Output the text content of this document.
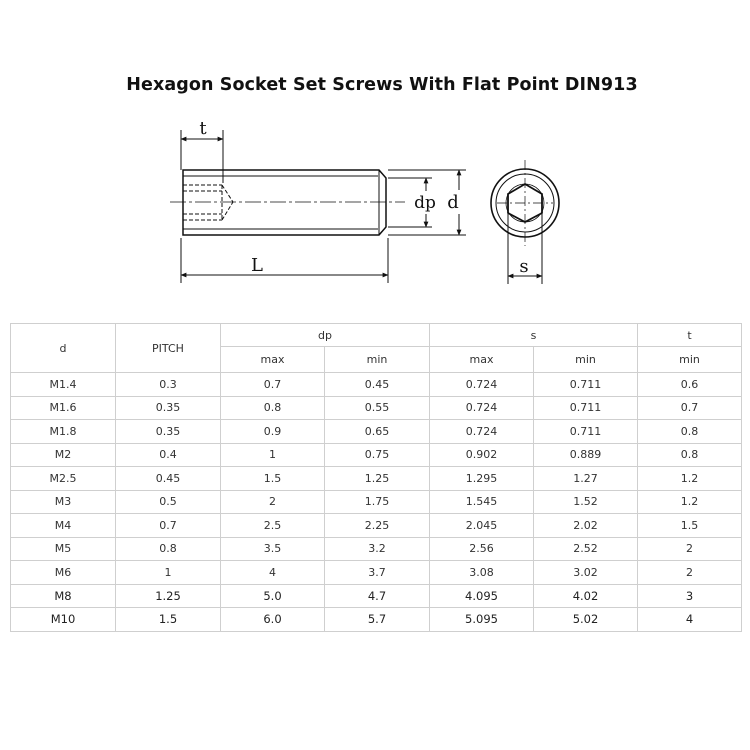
Hexagon Socket Set Screws With Flat Point DIN913
t
L
dp d
s
d	PITCH	dp		s		t
		max	min	max	min	min
M1.4	0.3	0.7	0.45	0.724	0.711	0.6
M1.6	0.35	0.8	0.55	0.724	0.711	0.7
M1.8	0.35	0.9	0.65	0.724	0.711	0.8
M2	0.4	1	0.75	0.902	0.889	0.8
M2.5	0.45	1.5	1.25	1.295	1.27	1.2
M3	0.5	2	1.75	1.545	1.52	1.2
M4	0.7	2.5	2.25	2.045	2.02	1.5
M5	0.8	3.5	3.2	2.56	2.52	2
M6	1	4	3.7	3.08	3.02	2
M8	1.25	5.0	4.7	4.095	4.02	3
M10	1.5	6.0	5.7	5.095	5.02	4
